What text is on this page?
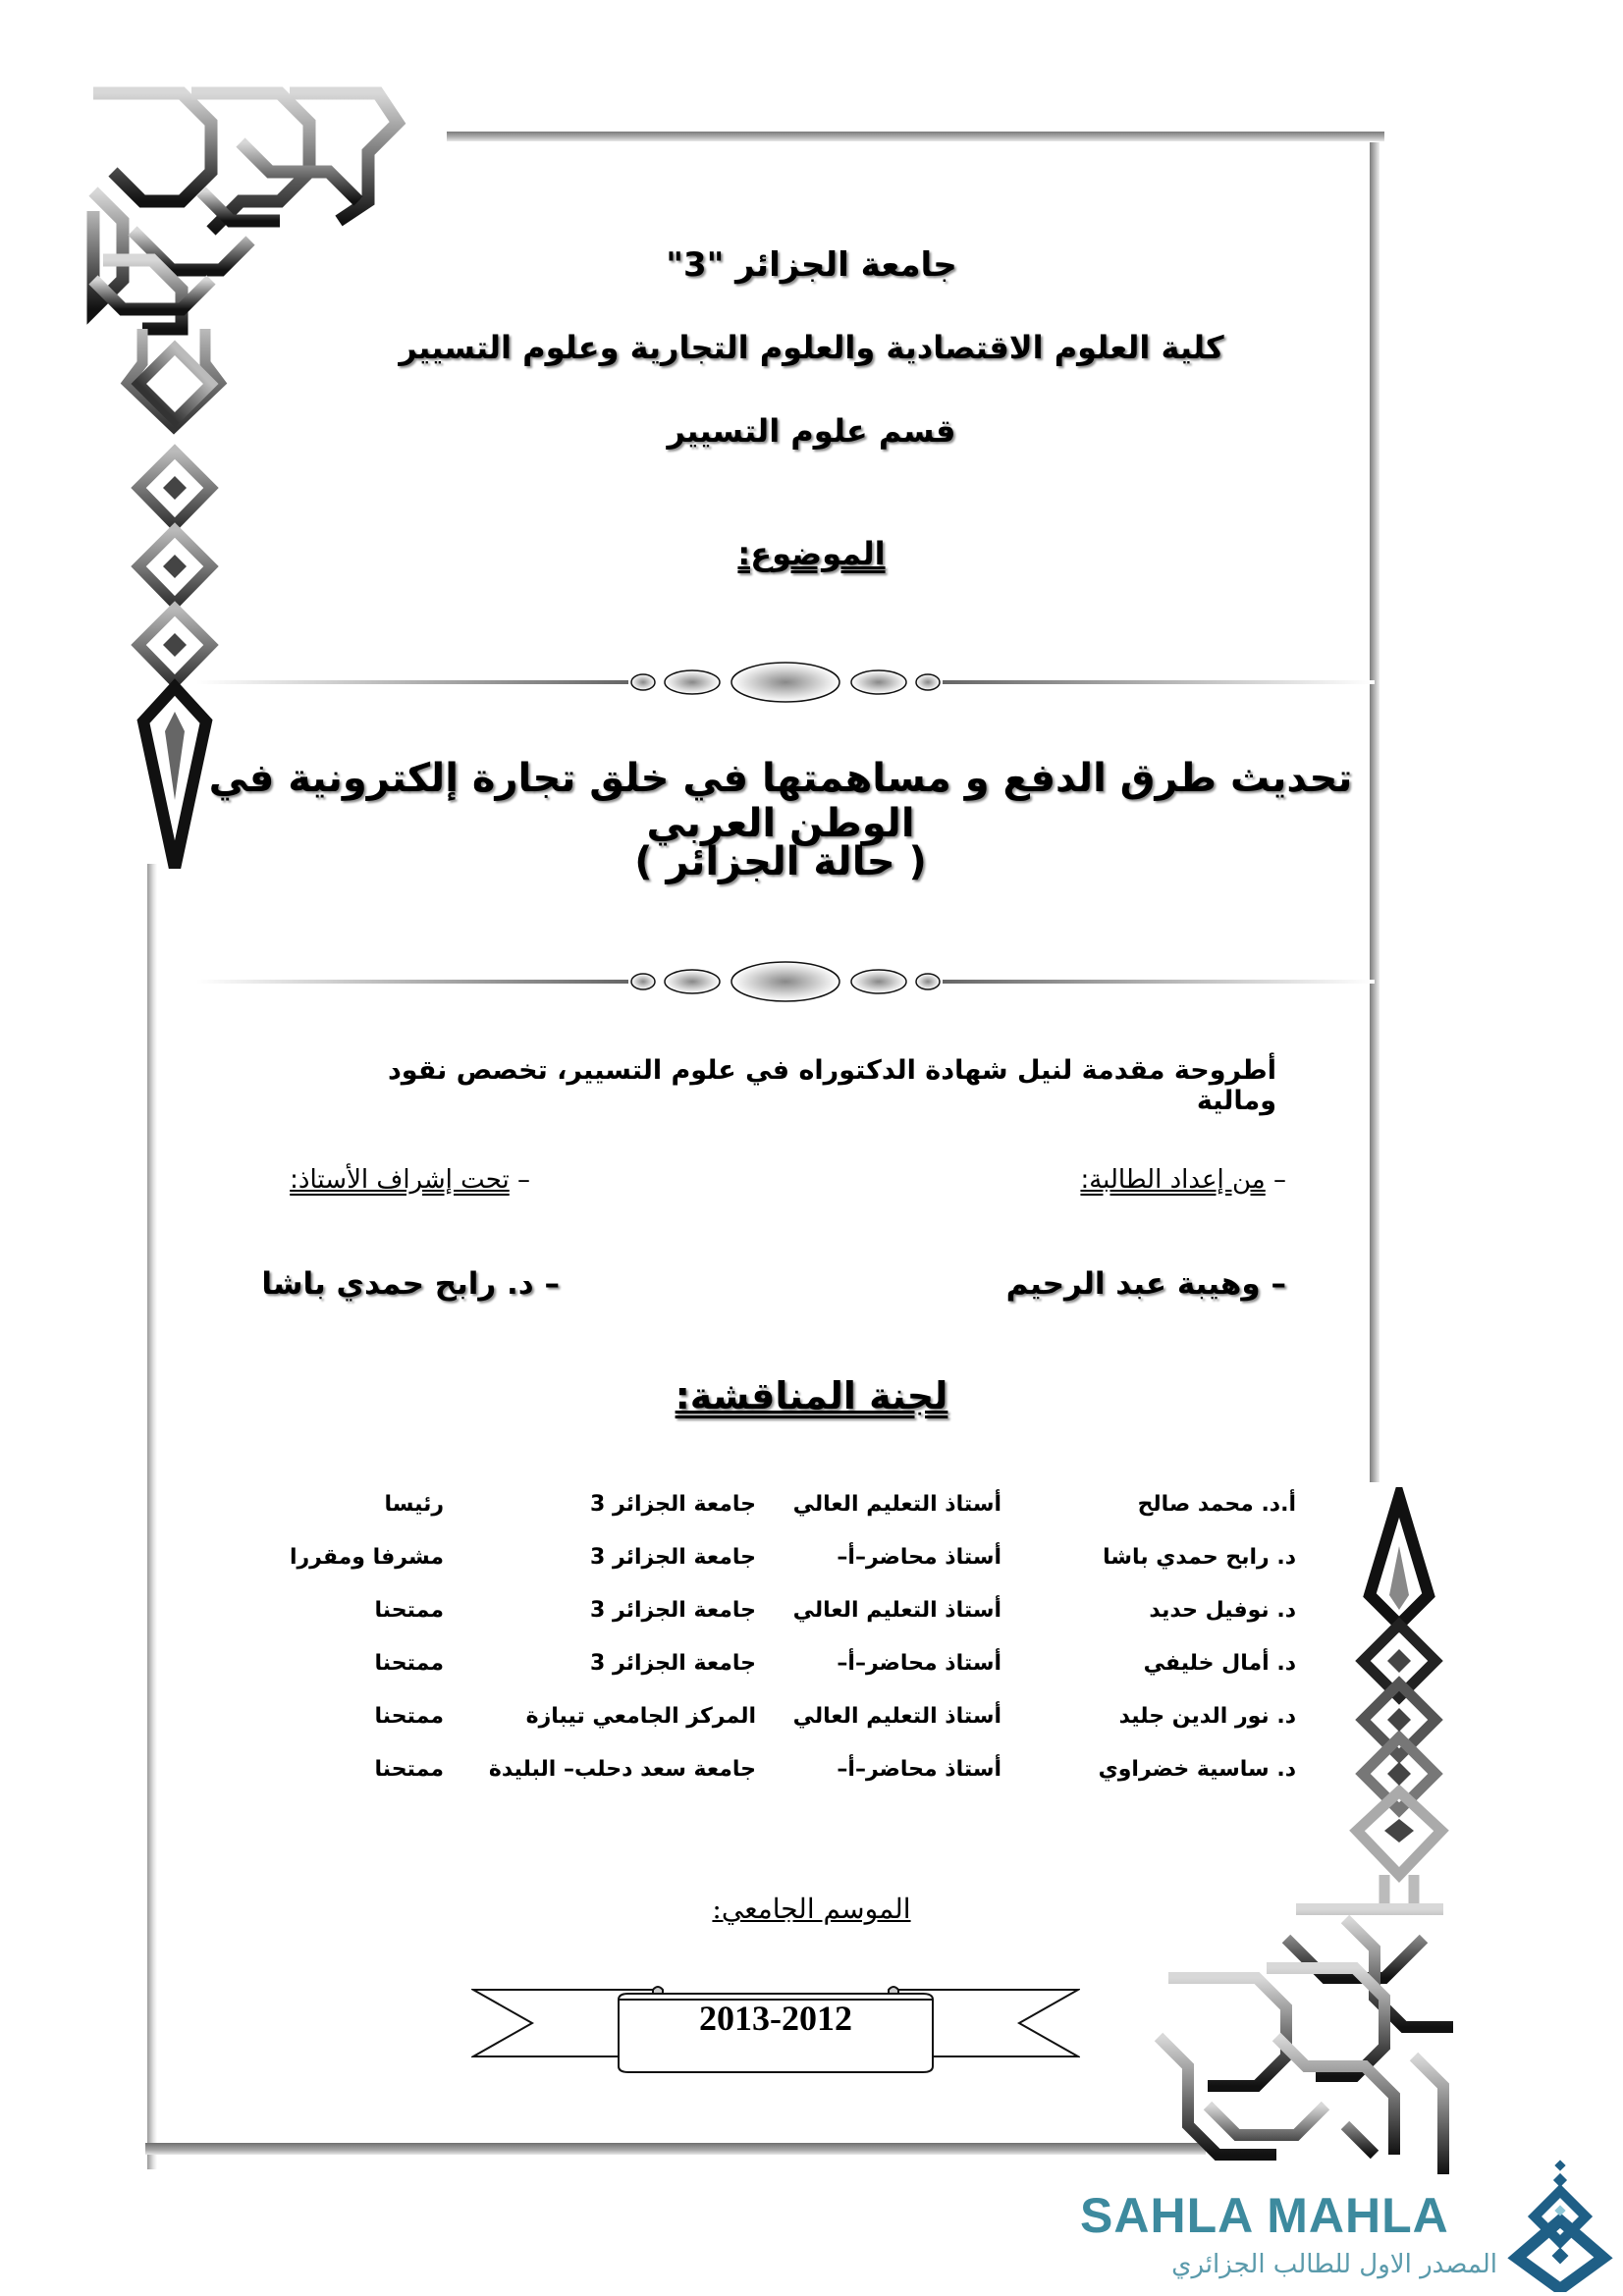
جامعة الجزائر "3"
كلية العلوم الاقتصادية والعلوم التجارية وعلوم التسيير
قسم علوم التسيير
الموضوع:
تحديث طرق الدفع و مساهمتها في خلق تجارة إلكترونية في الوطن العربي
( حالة الجزائر )
أطروحة مقدمة لنيل شهادة الدكتوراه في علوم التسيير، تخصص نقود ومالية
– من إعداد الطالبة:
– تحت إشراف الأستاذ:
– وهيبة عبد الرحيم
– د. رابح حمدي باشا
لجنة المناقشة:
أ.د. محمد صالح
أستاذ التعليم العالي
جامعة الجزائر 3
رئيسا
د. رابح حمدي باشا
أستاذ محاضر–أ–
جامعة الجزائر 3
مشرفا ومقررا
د. نوفيل حديد
أستاذ التعليم العالي
جامعة الجزائر 3
ممتحنا
د. أمال خليفي
أستاذ محاضر–أ–
جامعة الجزائر 3
ممتحنا
د. نور الدين جليد
أستاذ التعليم العالي
المركز الجامعي تيبازة
ممتحنا
د. ساسية خضراوي
أستاذ محاضر–أ–
جامعة سعد دحلب– البليدة
ممتحنا
الموسم الجامعي:
2013-2012
SAHLA MAHLA
المصدر الاول للطالب الجزائري
